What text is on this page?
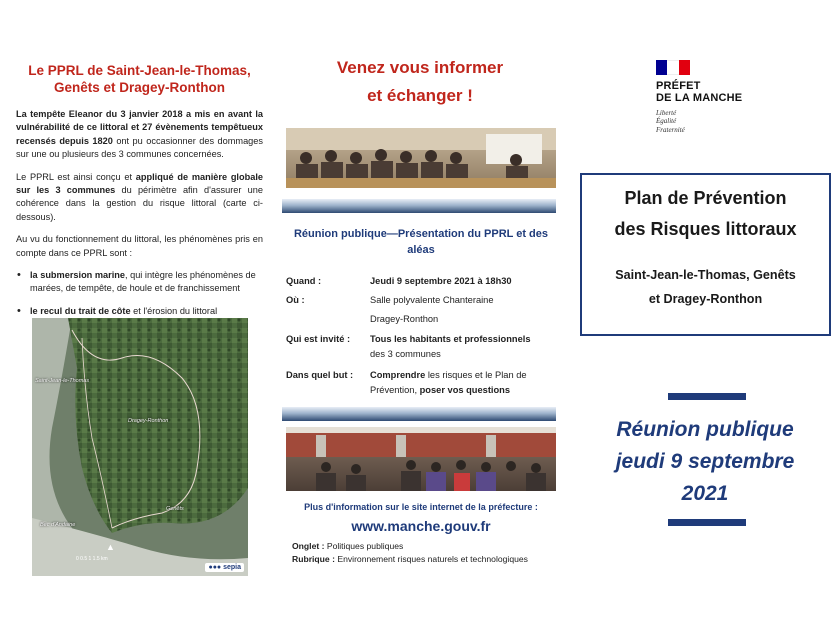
Le PPRL de Saint-Jean-le-Thomas, Genêts et Dragey-Ronthon

La tempête Eleanor du 3 janvier 2018 a mis en avant la vulnérabilité de ce littoral et 27 évènements tempêtueux recensés depuis 1820 ont pu occasionner des dommages sur une ou plusieurs des 3 communes concernées.

Le PPRL est ainsi conçu et appliqué de manière globale sur les 3 communes du périmètre afin d'assurer une cohérence dans la gestion du risque littoral (carte ci-dessous).

Au vu du fonctionnement du littoral, les phénomènes pris en compte dans ce PPRL sont :

• la submersion marine, qui intègre les phénomènes de marées, de tempête, de houle et de franchissement
• le recul du trait de côte et l'érosion du littoral
Saint-Jean-le-Thomas
Dragey-Ronthon
Genêts
Bec d'Andaine
▲
0 0.5 1 1.5 km
●●● sepia
Venez vous informer
et échanger !
Réunion publique—Présentation du PPRL et des aléas
Quand :	Jeudi 9 septembre 2021 à 18h30
Où :	Salle polyvalente Chanteraine
Dragey-Ronthon
Qui est invité :	Tous les habitants et professionnels
des 3 communes
Dans quel but :	Comprendre les risques et le Plan de Prévention, poser vos questions
Plus d'information sur le site internet de la préfecture :
www.manche.gouv.fr
Onglet : Politiques publiques
Rubrique : Environnement risques naturels et technologiques
PRÉFET
DE LA MANCHE
Liberté
Égalité
Fraternité
Plan de Prévention
des Risques littoraux
Saint-Jean-le-Thomas, Genêts
et Dragey-Ronthon
Réunion publique
jeudi 9 septembre
2021
